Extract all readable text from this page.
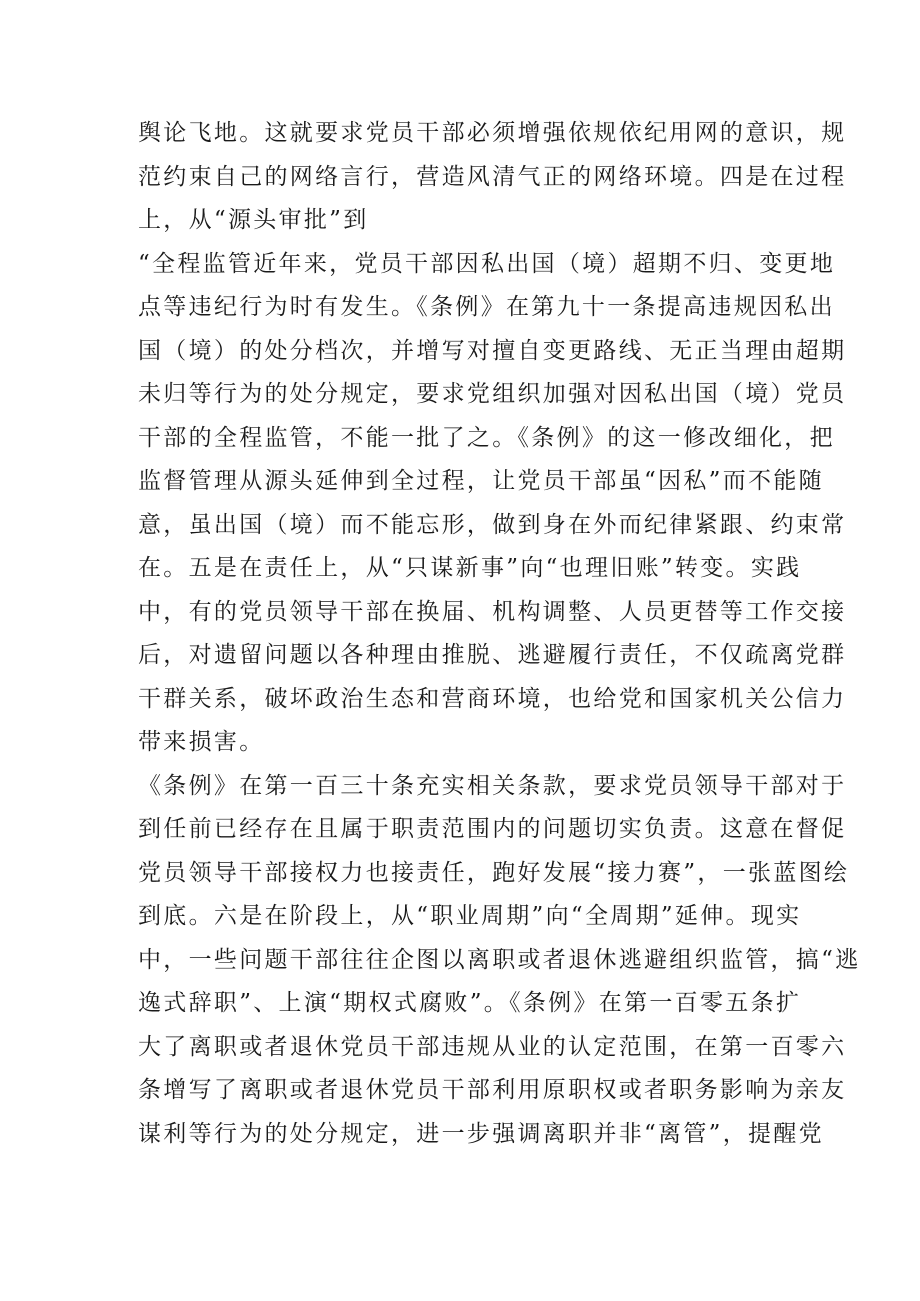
舆论飞地。这就要求党员干部必须增强依规依纪用网的意识，规
范约束自己的网络言行，营造风清气正的网络环境。四是在过程
上，从“源头审批”到
“全程监管近年来，党员干部因私出国（境）超期不归、变更地
点等违纪行为时有发生。《条例》在第九十一条提高违规因私出
国（境）的处分档次，并增写对擅自变更路线、无正当理由超期
未归等行为的处分规定，要求党组织加强对因私出国（境）党员
干部的全程监管，不能一批了之。《条例》的这一修改细化，把
监督管理从源头延伸到全过程，让党员干部虽“因私”而不能随
意，虽出国（境）而不能忘形，做到身在外而纪律紧跟、约束常
在。五是在责任上，从“只谋新事”向“也理旧账”转变。实践
中，有的党员领导干部在换届、机构调整、人员更替等工作交接
后，对遗留问题以各种理由推脱、逃避履行责任，不仅疏离党群
干群关系，破坏政治生态和营商环境，也给党和国家机关公信力
带来损害。
《条例》在第一百三十条充实相关条款，要求党员领导干部对于
到任前已经存在且属于职责范围内的问题切实负责。这意在督促
党员领导干部接权力也接责任，跑好发展“接力赛”，一张蓝图绘
到底。六是在阶段上，从“职业周期”向“全周期”延伸。现实
中，一些问题干部往往企图以离职或者退休逃避组织监管，搞“逃
逸式辞职”、上演“期权式腐败”。《条例》在第一百零五条扩
大了离职或者退休党员干部违规从业的认定范围，在第一百零六
条增写了离职或者退休党员干部利用原职权或者职务影响为亲友
谋利等行为的处分规定，进一步强调离职并非“离管”，提醒党
